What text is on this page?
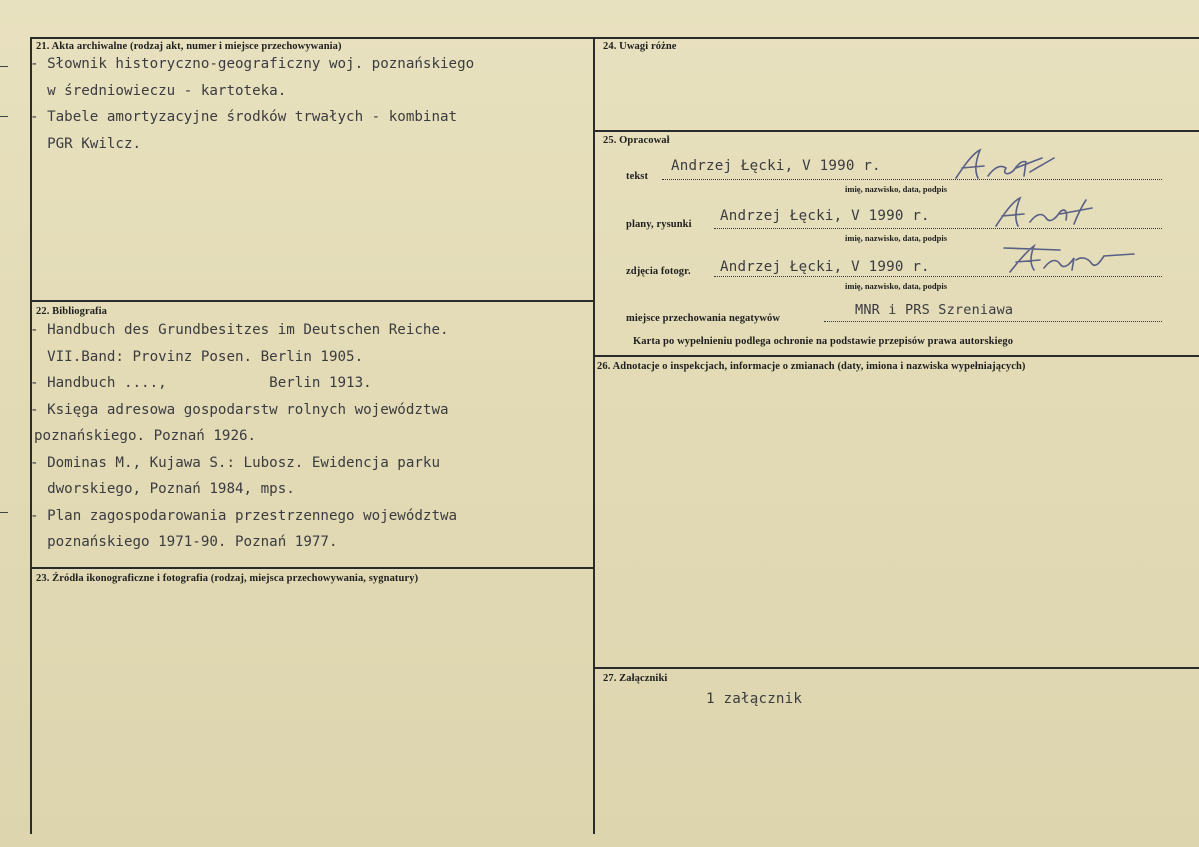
21. Akta archiwalne (rodzaj akt, numer i miejsce przechowywania)
- Słownik historyczno-geograficzny woj. poznańskiego
w średniowieczu - kartoteka.
- Tabele amortyzacyjne środków trwałych - kombinat
PGR Kwilcz.
22. Bibliografia
- Handbuch des Grundbesitzes im Deutschen Reiche.
VII.Band: Provinz Posen. Berlin 1905.
- Handbuch ....,            Berlin 1913.
- Księga adresowa gospodarstw rolnych województwa
poznańskiego. Poznań 1926.
- Dominas M., Kujawa S.: Lubosz. Ewidencja parku
dworskiego, Poznań 1984, mps.
- Plan zagospodarowania przestrzennego województwa
poznańskiego 1971-90. Poznań 1977.
23. Źródła ikonograficzne i fotografia (rodzaj, miejsca przechowywania, sygnatury)
24. Uwagi różne
25. Opracował
tekst
Andrzej Łęcki, V 1990 r.
imię, nazwisko, data, podpis
plany, rysunki
Andrzej Łęcki, V 1990 r.
imię, nazwisko, data, podpis
zdjęcia fotogr. Andrzej Łęcki, V 1990 r.
imię, nazwisko, data, podpis
miejsce przechowania negatywów
MNR i PRS Szreniawa
Karta po wypełnieniu podlega ochronie na podstawie przepisów prawa autorskiego
26. Adnotacje o inspekcjach, informacje o zmianach (daty, imiona i nazwiska wypełniających)
27. Załączniki
1 załącznik
